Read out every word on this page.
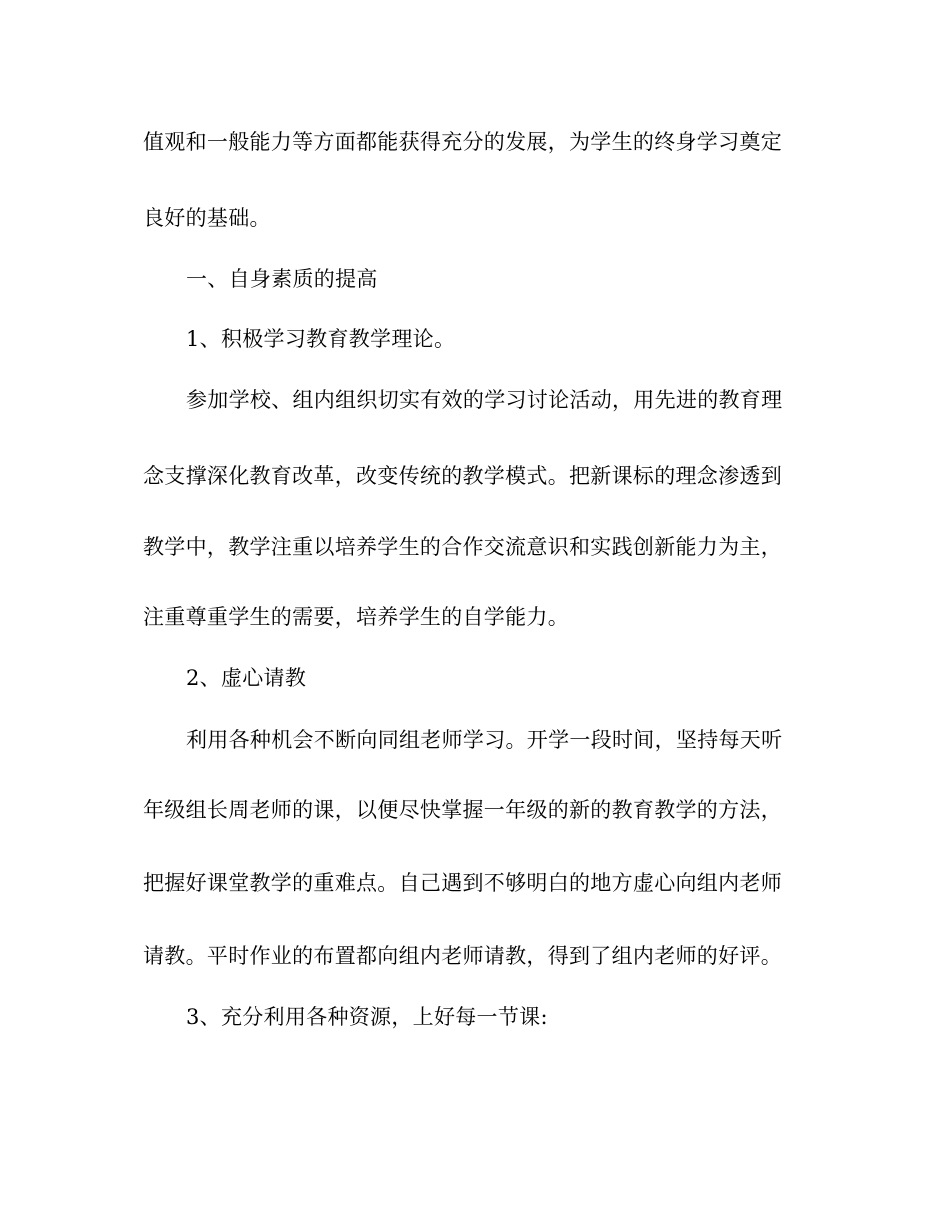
值观和一般能力等方面都能获得充分的发展，为学生的终身学习奠定
良好的基础。
一、自身素质的提高
1、积极学习教育教学理论。
参加学校、组内组织切实有效的学习讨论活动，用先进的教育理
念支撑深化教育改革，改变传统的教学模式。把新课标的理念渗透到
教学中，教学注重以培养学生的合作交流意识和实践创新能力为主，
注重尊重学生的需要，培养学生的自学能力。
2、虚心请教
利用各种机会不断向同组老师学习。开学一段时间，坚持每天听
年级组长周老师的课，以便尽快掌握一年级的新的教育教学的方法，
把握好课堂教学的重难点。自己遇到不够明白的地方虚心向组内老师
请教。平时作业的布置都向组内老师请教，得到了组内老师的好评。
3、充分利用各种资源，上好每一节课:
